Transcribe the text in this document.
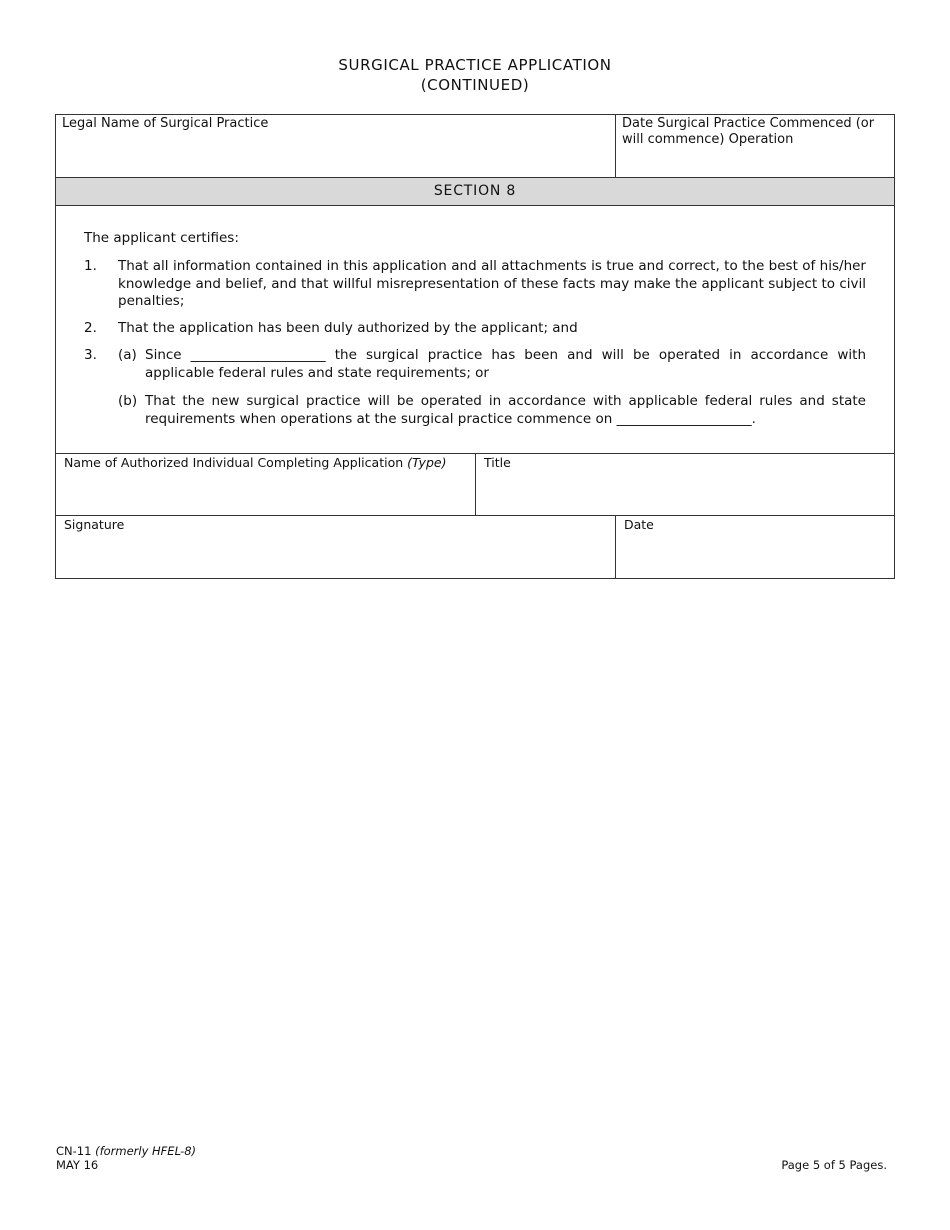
SURGICAL PRACTICE APPLICATION
(CONTINUED)
Legal Name of Surgical Practice	Date Surgical Practice Commenced (or will commence) Operation
SECTION 8
The applicant certifies:
1. That all information contained in this application and all attachments is true and correct, to the best of his/her knowledge and belief, and that willful misrepresentation of these facts may make the applicant subject to civil penalties;
2. That the application has been duly authorized by the applicant; and
3. (a) Since ____________________ the surgical practice has been and will be operated in accordance with applicable federal rules and state requirements; or
(b) That the new surgical practice will be operated in accordance with applicable federal rules and state requirements when operations at the surgical practice commence on ____________________.
Name of Authorized Individual Completing Application (Type)	Title
Signature	Date
CN-11 (formerly HFEL-8)
MAY 16	Page 5 of 5 Pages.
